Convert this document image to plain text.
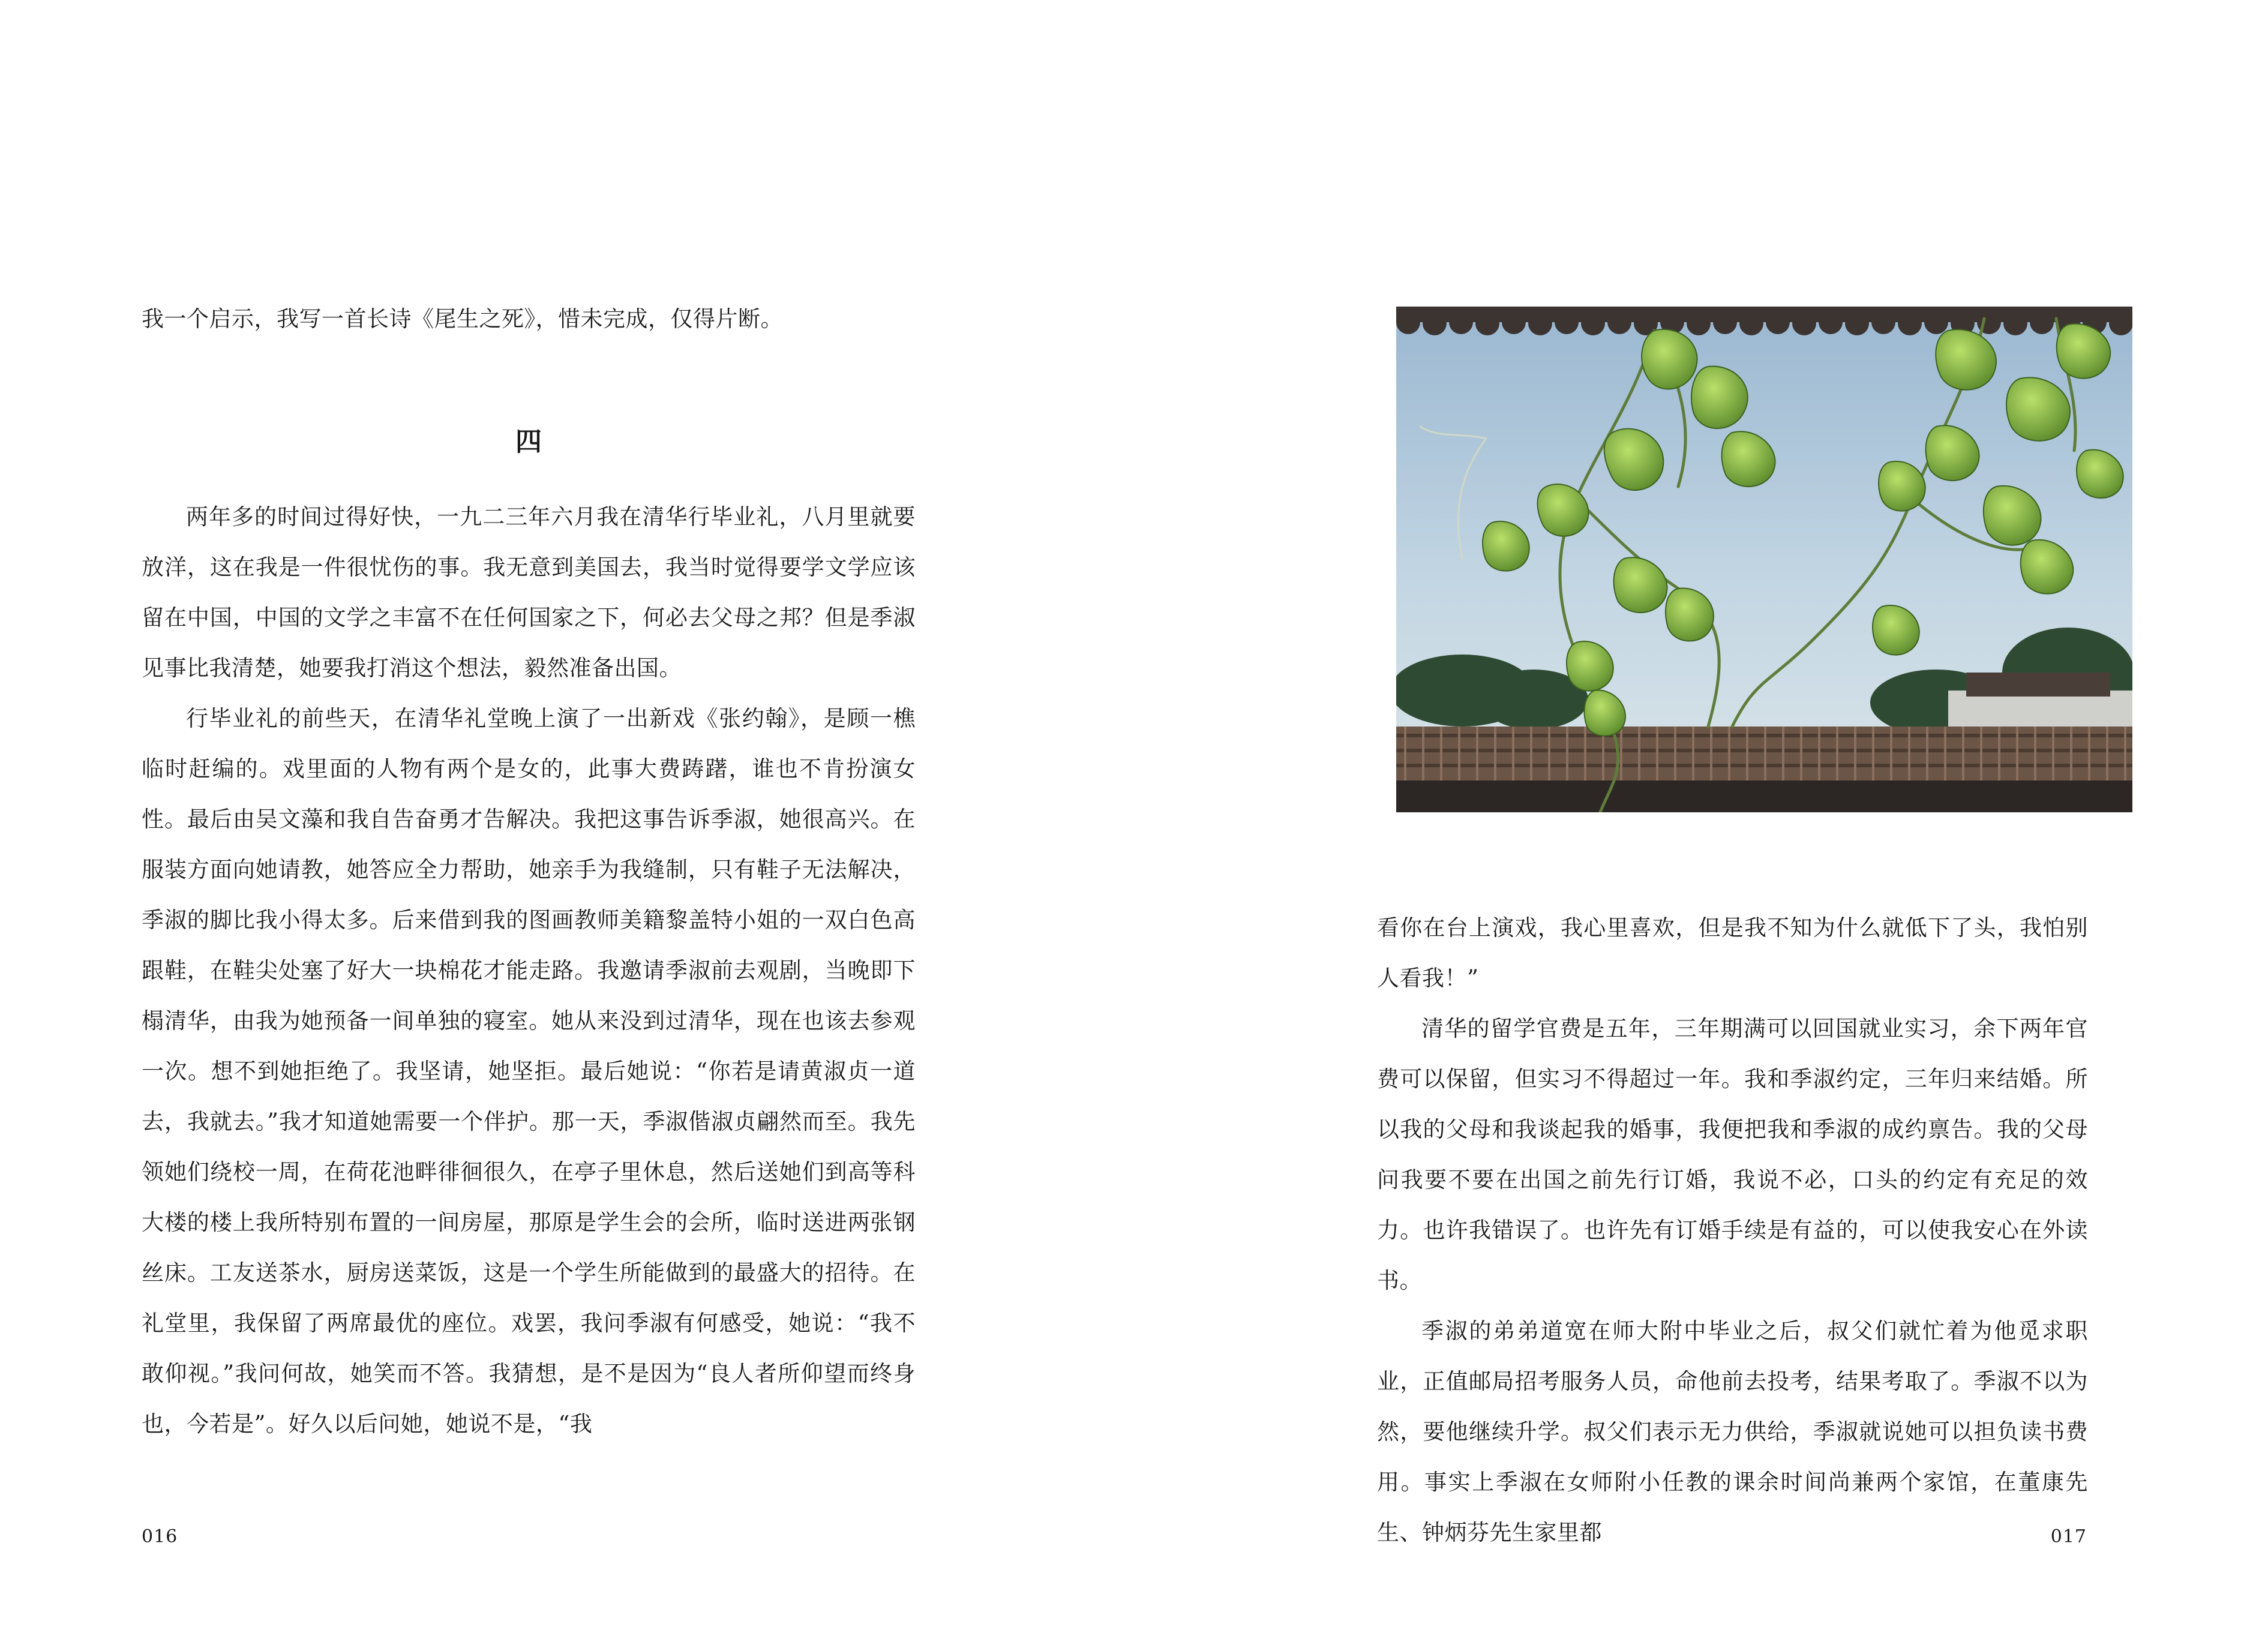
我一个启示，我写一首长诗《尾生之死》，惜未完成，仅得片断。

四

两年多的时间过得好快，一九二三年六月我在清华行毕业礼，八月里就要放洋，这在我是一件很忧伤的事。我无意到美国去，我当时觉得要学文学应该留在中国，中国的文学之丰富不在任何国家之下，何必去父母之邦？但是季淑见事比我清楚，她要我打消这个想法，毅然准备出国。

行毕业礼的前些天，在清华礼堂晚上演了一出新戏《张约翰》，是顾一樵临时赶编的。戏里面的人物有两个是女的，此事大费踌躇，谁也不肯扮演女性。最后由吴文藻和我自告奋勇才告解决。我把这事告诉季淑，她很高兴。在服装方面向她请教，她答应全力帮助，她亲手为我缝制，只有鞋子无法解决，季淑的脚比我小得太多。后来借到我的图画教师美籍黎盖特小姐的一双白色高跟鞋，在鞋尖处塞了好大一块棉花才能走路。我邀请季淑前去观剧，当晚即下榻清华，由我为她预备一间单独的寝室。她从来没到过清华，现在也该去参观一次。想不到她拒绝了。我坚请，她坚拒。最后她说：“你若是请黄淑贞一道去，我就去。”我才知道她需要一个伴护。那一天，季淑偕淑贞翩然而至。我先领她们绕校一周，在荷花池畔徘徊很久，在亭子里休息，然后送她们到高等科大楼的楼上我所特别布置的一间房屋，那原是学生会的会所，临时送进两张钢丝床。工友送茶水，厨房送菜饭，这是一个学生所能做到的最盛大的招待。在礼堂里，我保留了两席最优的座位。戏罢，我问季淑有何感受，她说：“我不敢仰视。”我问何故，她笑而不答。我猜想，是不是因为“良人者所仰望而终身也，今若是”。好久以后问她，她说不是，“我

016

看你在台上演戏，我心里喜欢，但是我不知为什么就低下了头，我怕别人看我！”

清华的留学官费是五年，三年期满可以回国就业实习，余下两年官费可以保留，但实习不得超过一年。我和季淑约定，三年归来结婚。所以我的父母和我谈起我的婚事，我便把我和季淑的成约禀告。我的父母问我要不要在出国之前先行订婚，我说不必，口头的约定有充足的效力。也许我错误了。也许先有订婚手续是有益的，可以使我安心在外读书。

季淑的弟弟道宽在师大附中毕业之后，叔父们就忙着为他觅求职业，正值邮局招考服务人员，命他前去投考，结果考取了。季淑不以为然，要他继续升学。叔父们表示无力供给，季淑就说她可以担负读书费用。事实上季淑在女师附小任教的课余时间尚兼两个家馆，在董康先生、钟炳芬先生家里都	017
